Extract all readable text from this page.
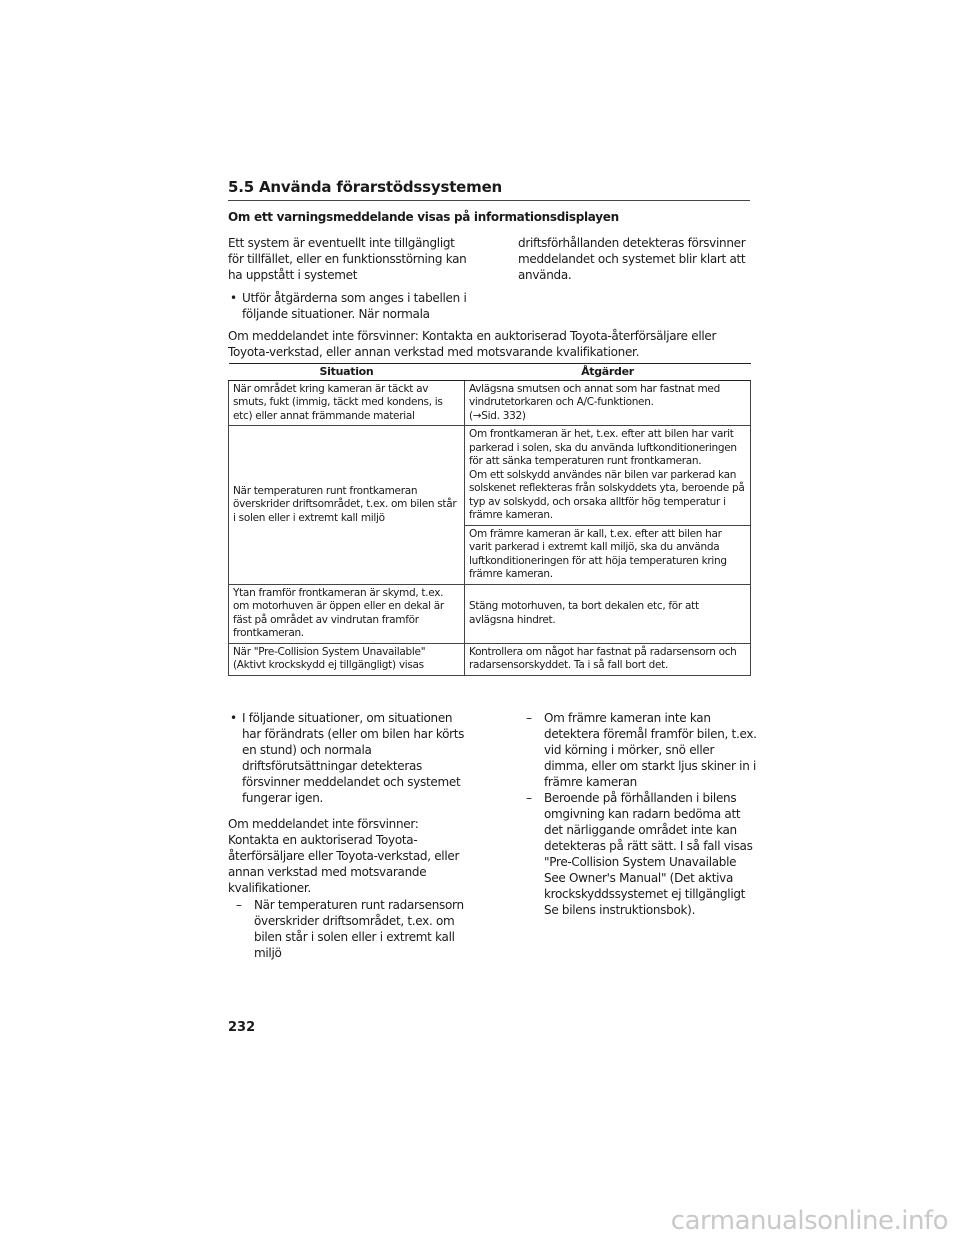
5.5 Använda förarstödssystemen
Om ett varningsmeddelande visas på informationsdisplayen

Ett system är eventuellt inte tillgängligt för tillfället, eller en funktionsstörning kan ha uppstått i systemet

• Utför åtgärderna som anges i tabellen i följande situationer. När normala

driftsförhållanden detekteras försvinner meddelandet och systemet blir klart att använda.

Om meddelandet inte försvinner: Kontakta en auktoriserad Toyota-återförsäljare eller Toyota-verkstad, eller annan verkstad med motsvarande kvalifikationer.
Situation	Åtgärder
När området kring kameran är täckt av smuts, fukt (immig, täckt med kondens, is etc) eller annat främmande material	Avlägsna smutsen och annat som har fastnat med vindrutetorkaren och A/C-funktionen.
(→Sid. 332)
När temperaturen runt frontkameran överskrider driftsområdet, t.ex. om bilen står i solen eller i extremt kall miljö	Om frontkameran är het, t.ex. efter att bilen har varit parkerad i solen, ska du använda luftkonditioneringen för att sänka temperaturen runt frontkameran.
Om ett solskydd användes när bilen var parkerad kan solskenet reflekteras från solskyddets yta, beroende på typ av solskydd, och orsaka alltför hög temperatur i främre kameran.
	Om främre kameran är kall, t.ex. efter att bilen har varit parkerad i extremt kall miljö, ska du använda luftkonditioneringen för att höja temperaturen kring främre kameran.
Ytan framför frontkameran är skymd, t.ex. om motorhuven är öppen eller en dekal är fäst på området av vindrutan framför frontkameran.	Stäng motorhuven, ta bort dekalen etc, för att avlägsna hindret.
När "Pre-Collision System Unavailable" (Aktivt krockskydd ej tillgängligt) visas	Kontrollera om något har fastnat på radarsensorn och radarsensorskyddet. Ta i så fall bort det.

• I följande situationer, om situationen har förändrats (eller om bilen har körts en stund) och normala driftsförutsättningar detekteras försvinner meddelandet och systemet fungerar igen.

Om meddelandet inte försvinner: Kontakta en auktoriserad Toyota-återförsäljare eller Toyota-verkstad, eller annan verkstad med motsvarande kvalifikationer.

– När temperaturen runt radarsensorn överskrider driftsområdet, t.ex. om bilen står i solen eller i extremt kall miljö

– Om främre kameran inte kan detektera föremål framför bilen, t.ex. vid körning i mörker, snö eller dimma, eller om starkt ljus skiner in i främre kameran

– Beroende på förhållanden i bilens omgivning kan radarn bedöma att det närliggande området inte kan detekteras på rätt sätt. I så fall visas "Pre-Collision System Unavailable See Owner's Manual" (Det aktiva krockskyddssystemet ej tillgängligt Se bilens instruktionsbok).

232
carmanualsonline.info
